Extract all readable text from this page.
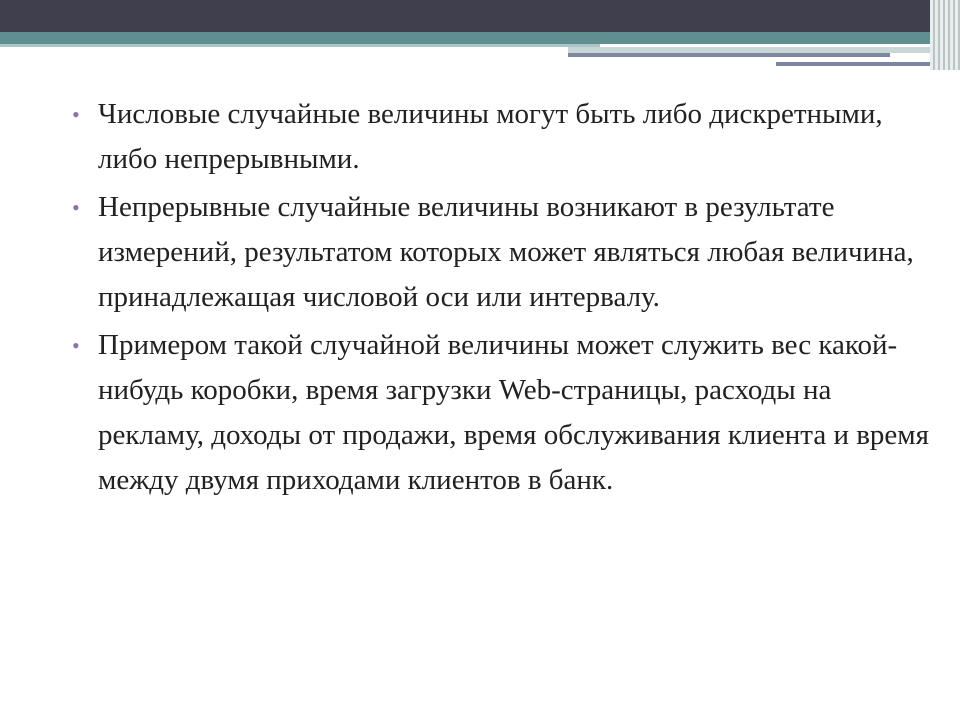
• Числовые случайные величины могут быть либо дискретными, либо непрерывными.
• Непрерывные случайные величины возникают в результате измерений, результатом которых может являться любая величина, принадлежащая числовой оси или интервалу.
• Примером такой случайной величины может служить вес какой-нибудь коробки, время загрузки Web-страницы, расходы на рекламу, доходы от продажи, время обслуживания клиента и время между двумя приходами клиентов в банк.
